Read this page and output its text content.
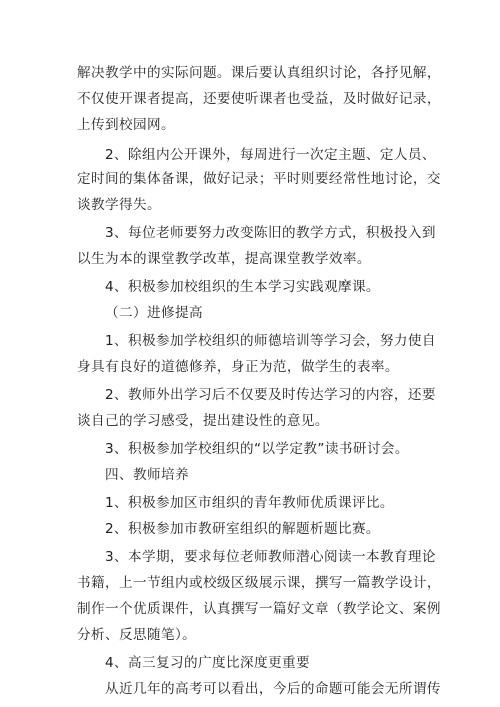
解决教学中的实际问题。课后要认真组织讨论，各抒见解，
不仅使开课者提高，还要使听课者也受益，及时做好记录，
上传到校园网。
2、除组内公开课外，每周进行一次定主题、定人员、
定时间的集体备课，做好记录；平时则要经常性地讨论，交
谈教学得失。
3、每位老师要努力改变陈旧的教学方式，积极投入到
以生为本的课堂教学改革，提高课堂教学效率。
4、积极参加校组织的生本学习实践观摩课。
（二）进修提高
1、积极参加学校组织的师德培训等学习会，努力使自
身具有良好的道德修养，身正为范，做学生的表率。
2、教师外出学习后不仅要及时传达学习的内容，还要
谈自己的学习感受，提出建设性的意见。
3、积极参加学校组织的“以学定教”读书研讨会。
四、教师培养
1、积极参加区市组织的青年教师优质课评比。
2、积极参加市教研室组织的解题析题比赛。
3、本学期，要求每位老师教师潜心阅读一本教育理论
书籍，上一节组内或校级区级展示课，撰写一篇教学设计，
制作一个优质课件，认真撰写一篇好文章（教学论文、案例
分析、反思随笔）。
4、高三复习的广度比深度更重要
从近几年的高考可以看出，今后的命题可能会无所谓传
